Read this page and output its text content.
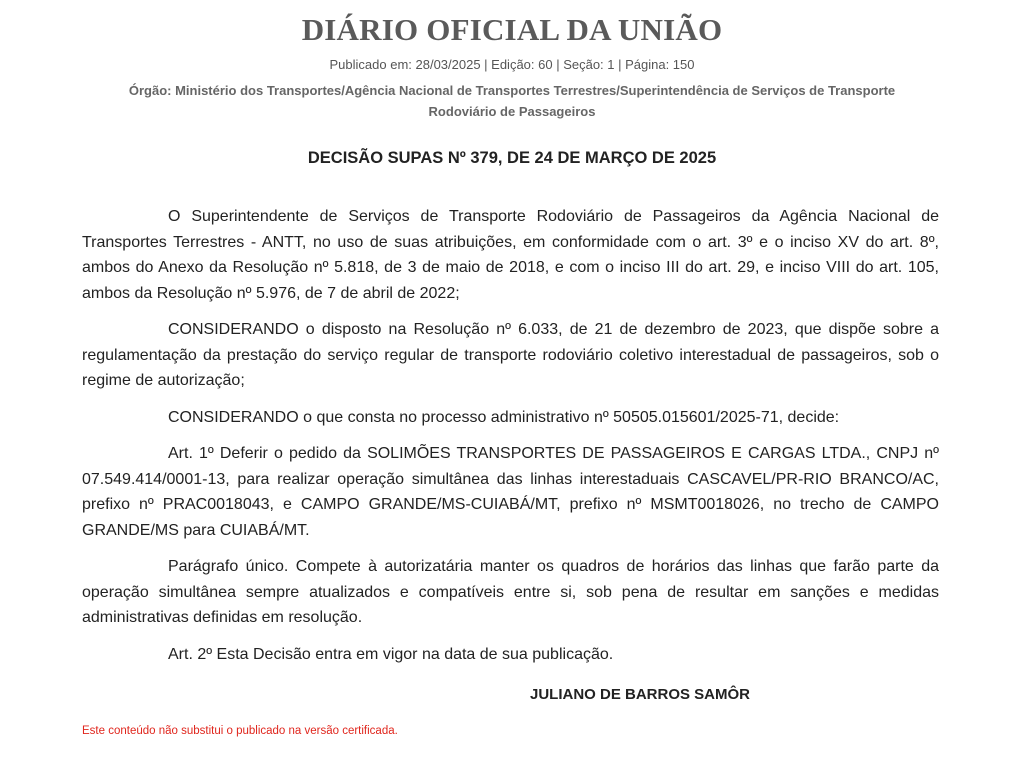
DIÁRIO OFICIAL DA UNIÃO
Publicado em: 28/03/2025 | Edição: 60 | Seção: 1 | Página: 150
Órgão: Ministério dos Transportes/Agência Nacional de Transportes Terrestres/Superintendência de Serviços de Transporte Rodoviário de Passageiros
DECISÃO SUPAS Nº 379, DE 24 DE MARÇO DE 2025

O Superintendente de Serviços de Transporte Rodoviário de Passageiros da Agência Nacional de Transportes Terrestres - ANTT, no uso de suas atribuições, em conformidade com o art. 3º e o inciso XV do art. 8º, ambos do Anexo da Resolução nº 5.818, de 3 de maio de 2018, e com o inciso III do art. 29, e inciso VIII do art. 105, ambos da Resolução nº 5.976, de 7 de abril de 2022;

CONSIDERANDO o disposto na Resolução nº 6.033, de 21 de dezembro de 2023, que dispõe sobre a regulamentação da prestação do serviço regular de transporte rodoviário coletivo interestadual de passageiros, sob o regime de autorização;

CONSIDERANDO o que consta no processo administrativo nº 50505.015601/2025-71, decide:

Art. 1º Deferir o pedido da SOLIMÕES TRANSPORTES DE PASSAGEIROS E CARGAS LTDA., CNPJ nº 07.549.414/0001-13, para realizar operação simultânea das linhas interestaduais CASCAVEL/PR-RIO BRANCO/AC, prefixo nº PRAC0018043, e CAMPO GRANDE/MS-CUIABÁ/MT, prefixo nº MSMT0018026, no trecho de CAMPO GRANDE/MS para CUIABÁ/MT.

Parágrafo único. Compete à autorizatária manter os quadros de horários das linhas que farão parte da operação simultânea sempre atualizados e compatíveis entre si, sob pena de resultar em sanções e medidas administrativas definidas em resolução.

Art. 2º Esta Decisão entra em vigor na data de sua publicação.

JULIANO DE BARROS SAMÔR
Este conteúdo não substitui o publicado na versão certificada.
